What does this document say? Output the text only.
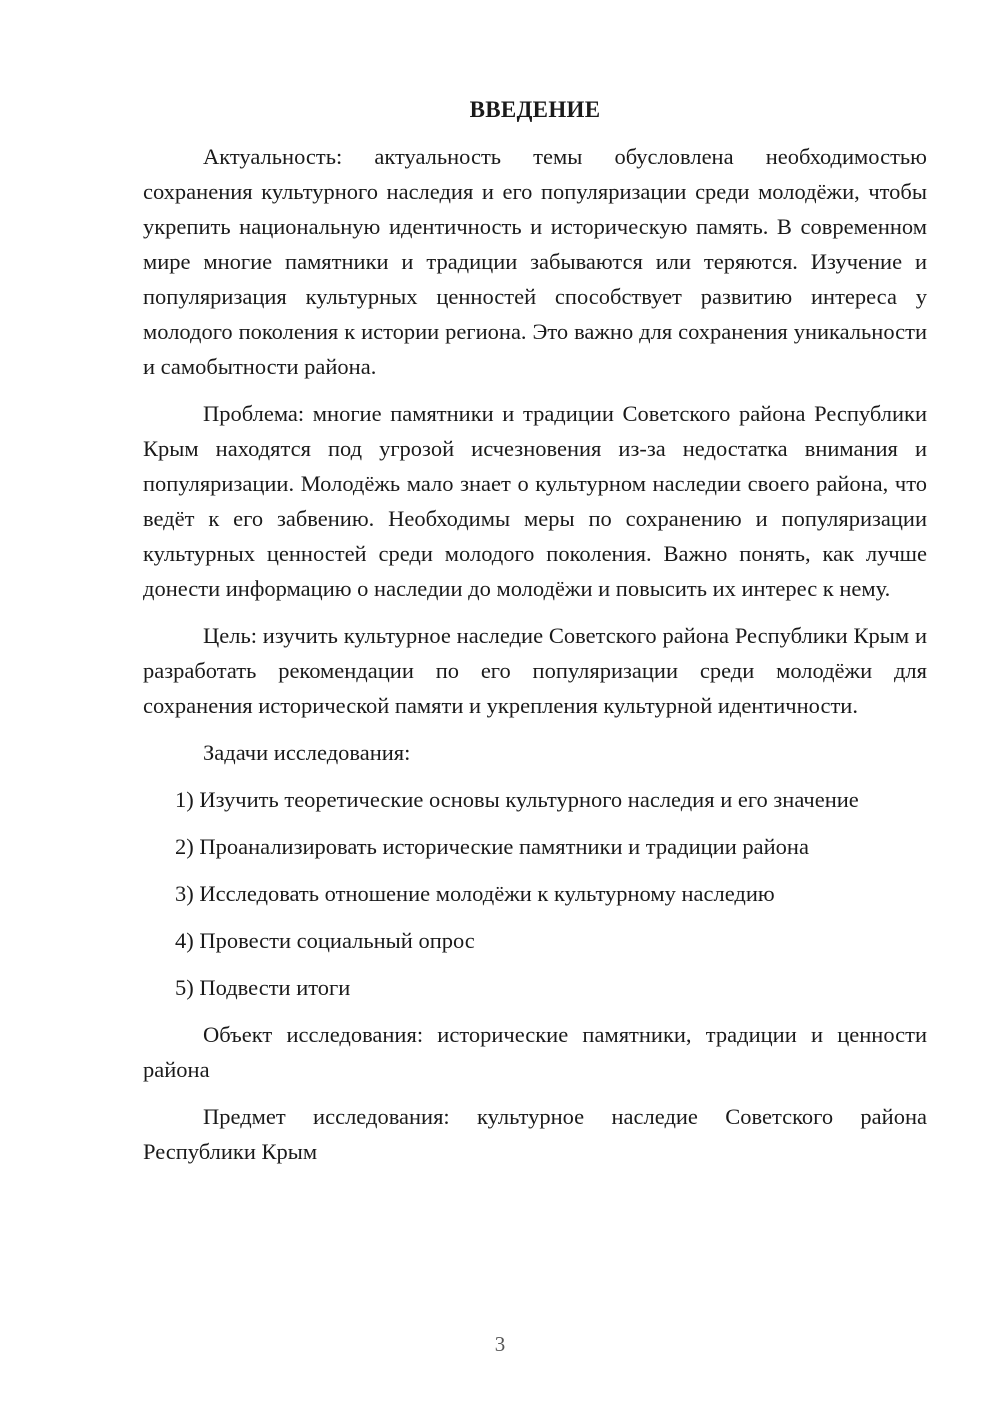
ВВЕДЕНИЕ

Актуальность: актуальность темы обусловлена необходимостью сохранения культурного наследия и его популяризации среди молодёжи, чтобы укрепить национальную идентичность и историческую память. В современном мире многие памятники и традиции забываются или теряются. Изучение и популяризация культурных ценностей способствует развитию интереса у молодого поколения к истории региона. Это важно для сохранения уникальности и самобытности района.

Проблема: многие памятники и традиции Советского района Республики Крым находятся под угрозой исчезновения из-за недостатка внимания и популяризации. Молодёжь мало знает о культурном наследии своего района, что ведёт к его забвению. Необходимы меры по сохранению и популяризации культурных ценностей среди молодого поколения. Важно понять, как лучше донести информацию о наследии до молодёжи и повысить их интерес к нему.

Цель: изучить культурное наследие Советского района Республики Крым и разработать рекомендации по его популяризации среди молодёжи для сохранения исторической памяти и укрепления культурной идентичности.

Задачи исследования:

1) Изучить теоретические основы культурного наследия и его значение

2) Проанализировать исторические памятники и традиции района

3) Исследовать отношение молодёжи к культурному наследию

4) Провести социальный опрос

5) Подвести итоги

Объект исследования: исторические памятники, традиции и ценности района

Предмет исследования: культурное наследие Советского района Республики Крым

3
